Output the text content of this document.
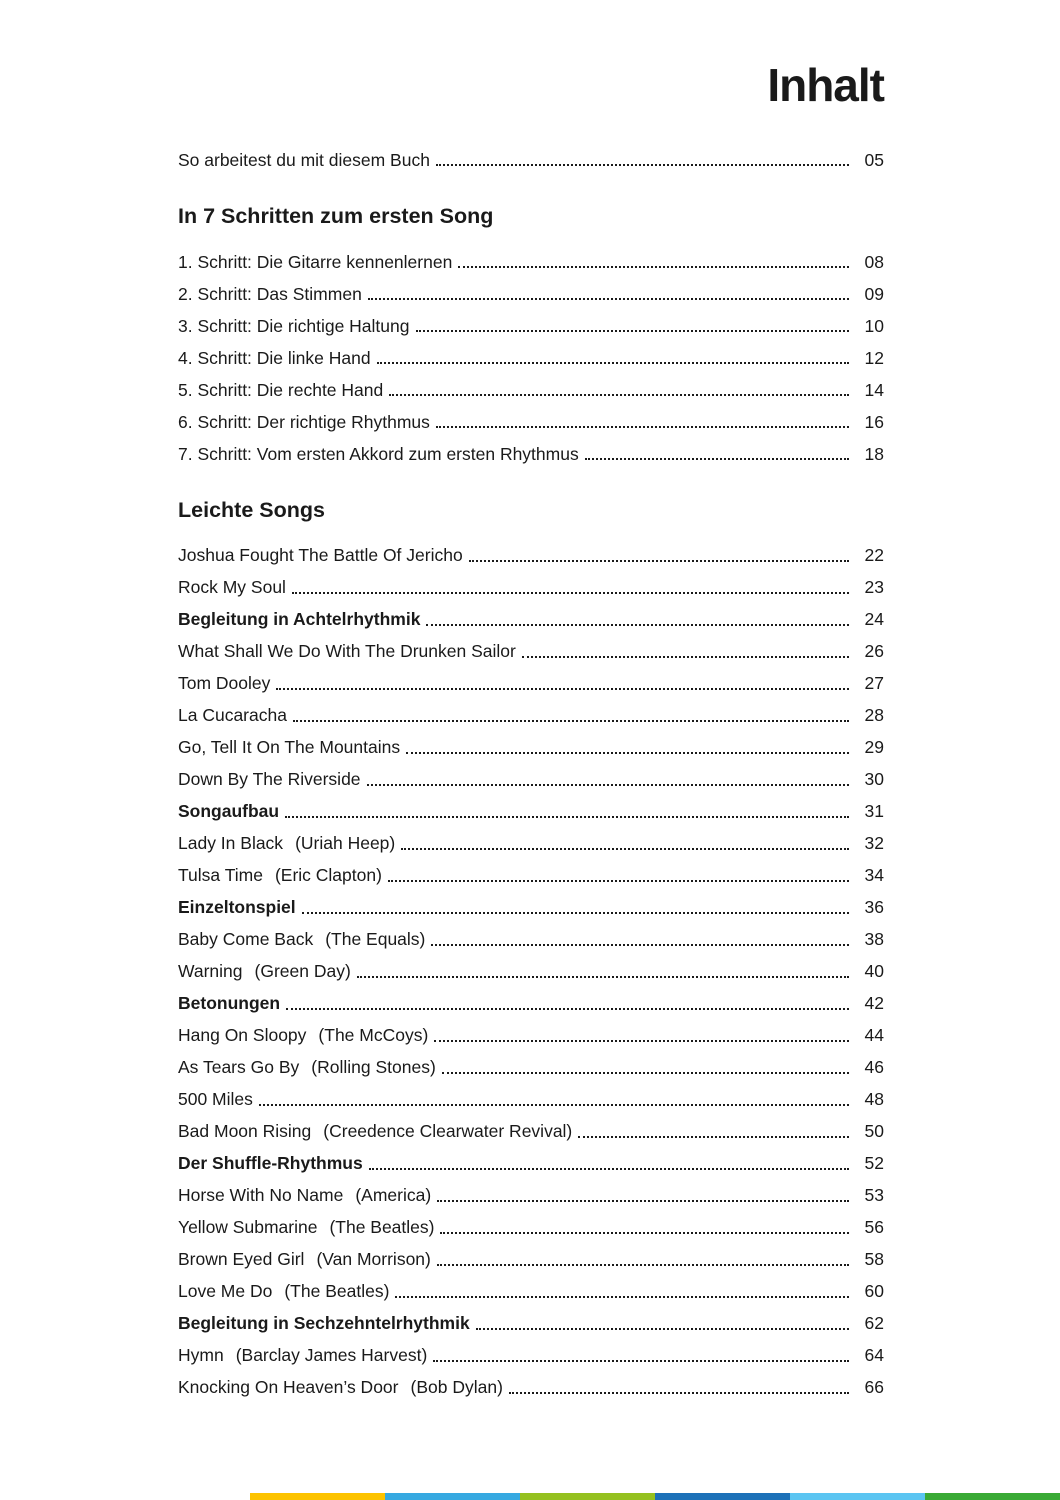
Inhalt
So arbeitest du mit diesem Buch	05
In 7 Schritten zum ersten Song
1. Schritt: Die Gitarre kennenlernen	08
2. Schritt: Das Stimmen	09
3. Schritt: Die richtige Haltung	10
4. Schritt: Die linke Hand	12
5. Schritt: Die rechte Hand	14
6. Schritt: Der richtige Rhythmus	16
7. Schritt: Vom ersten Akkord zum ersten Rhythmus	18
Leichte Songs
Joshua Fought The Battle Of Jericho	22
Rock My Soul	23
Begleitung in Achtelrhythmik	24
What Shall We Do With The Drunken Sailor	26
Tom Dooley	27
La Cucaracha	28
Go, Tell It On The Mountains	29
Down By The Riverside	30
Songaufbau	31
Lady In Black (Uriah Heep)	32
Tulsa Time (Eric Clapton)	34
Einzeltonspiel	36
Baby Come Back (The Equals)	38
Warning (Green Day)	40
Betonungen	42
Hang On Sloopy (The McCoys)	44
As Tears Go By (Rolling Stones)	46
500 Miles	48
Bad Moon Rising (Creedence Clearwater Revival)	50
Der Shuffle-Rhythmus	52
Horse With No Name (America)	53
Yellow Submarine (The Beatles)	56
Brown Eyed Girl (Van Morrison)	58
Love Me Do (The Beatles)	60
Begleitung in Sechzehntelrhythmik	62
Hymn (Barclay James Harvest)	64
Knocking On Heaven’s Door (Bob Dylan)	66
